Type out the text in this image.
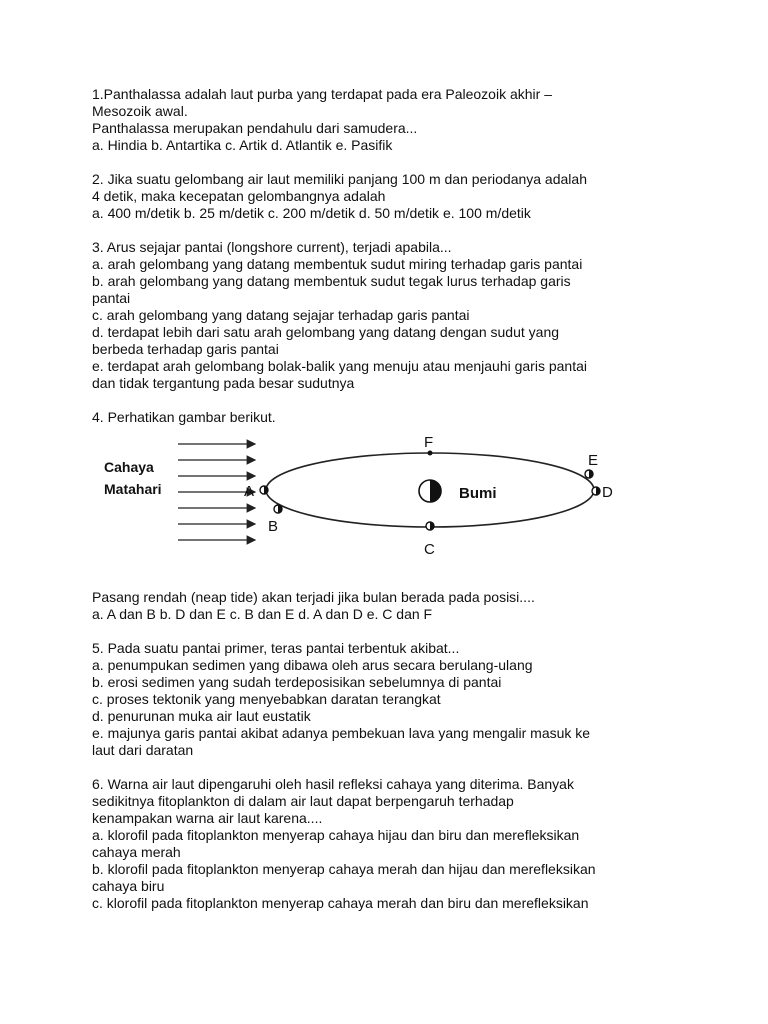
1.Panthalassa adalah laut purba yang terdapat pada era Paleozoik akhir –

Mesozoik awal.

Panthalassa merupakan pendahulu dari samudera...

a. Hindia b. Antartika c. Artik d. Atlantik e. Pasifik

2. Jika suatu gelombang air laut memiliki panjang 100 m dan periodanya adalah

4 detik, maka kecepatan gelombangnya adalah

a. 400 m/detik b. 25 m/detik c. 200 m/detik d. 50 m/detik e. 100 m/detik

3. Arus sejajar pantai (longshore current), terjadi apabila...

a. arah gelombang yang datang membentuk sudut miring terhadap garis pantai

b. arah gelombang yang datang membentuk sudut tegak lurus terhadap garis

pantai

c. arah gelombang yang datang sejajar terhadap garis pantai

d. terdapat lebih dari satu arah gelombang yang datang dengan sudut yang

berbeda terhadap garis pantai

e. terdapat arah gelombang bolak-balik yang menuju atau menjauhi garis pantai

dan tidak tergantung pada besar sudutnya

4. Perhatikan gambar berikut.

Cahaya
Matahari	Bumi
A
B
C
D
E
F

Pasang rendah (neap tide) akan terjadi jika bulan berada pada posisi....

a. A dan B b. D dan E c. B dan E d. A dan D e. C dan F

5. Pada suatu pantai primer, teras pantai terbentuk akibat...

a. penumpukan sedimen yang dibawa oleh arus secara berulang-ulang

b. erosi sedimen yang sudah terdeposisikan sebelumnya di pantai

c. proses tektonik yang menyebabkan daratan terangkat

d. penurunan muka air laut eustatik

e. majunya garis pantai akibat adanya pembekuan lava yang mengalir masuk ke

laut dari daratan

6. Warna air laut dipengaruhi oleh hasil refleksi cahaya yang diterima. Banyak

sedikitnya fitoplankton di dalam air laut dapat berpengaruh terhadap

kenampakan warna air laut karena....

a. klorofil pada fitoplankton menyerap cahaya hijau dan biru dan merefleksikan

cahaya merah

b. klorofil pada fitoplankton menyerap cahaya merah dan hijau dan merefleksikan

cahaya biru

c. klorofil pada fitoplankton menyerap cahaya merah dan biru dan merefleksikan
